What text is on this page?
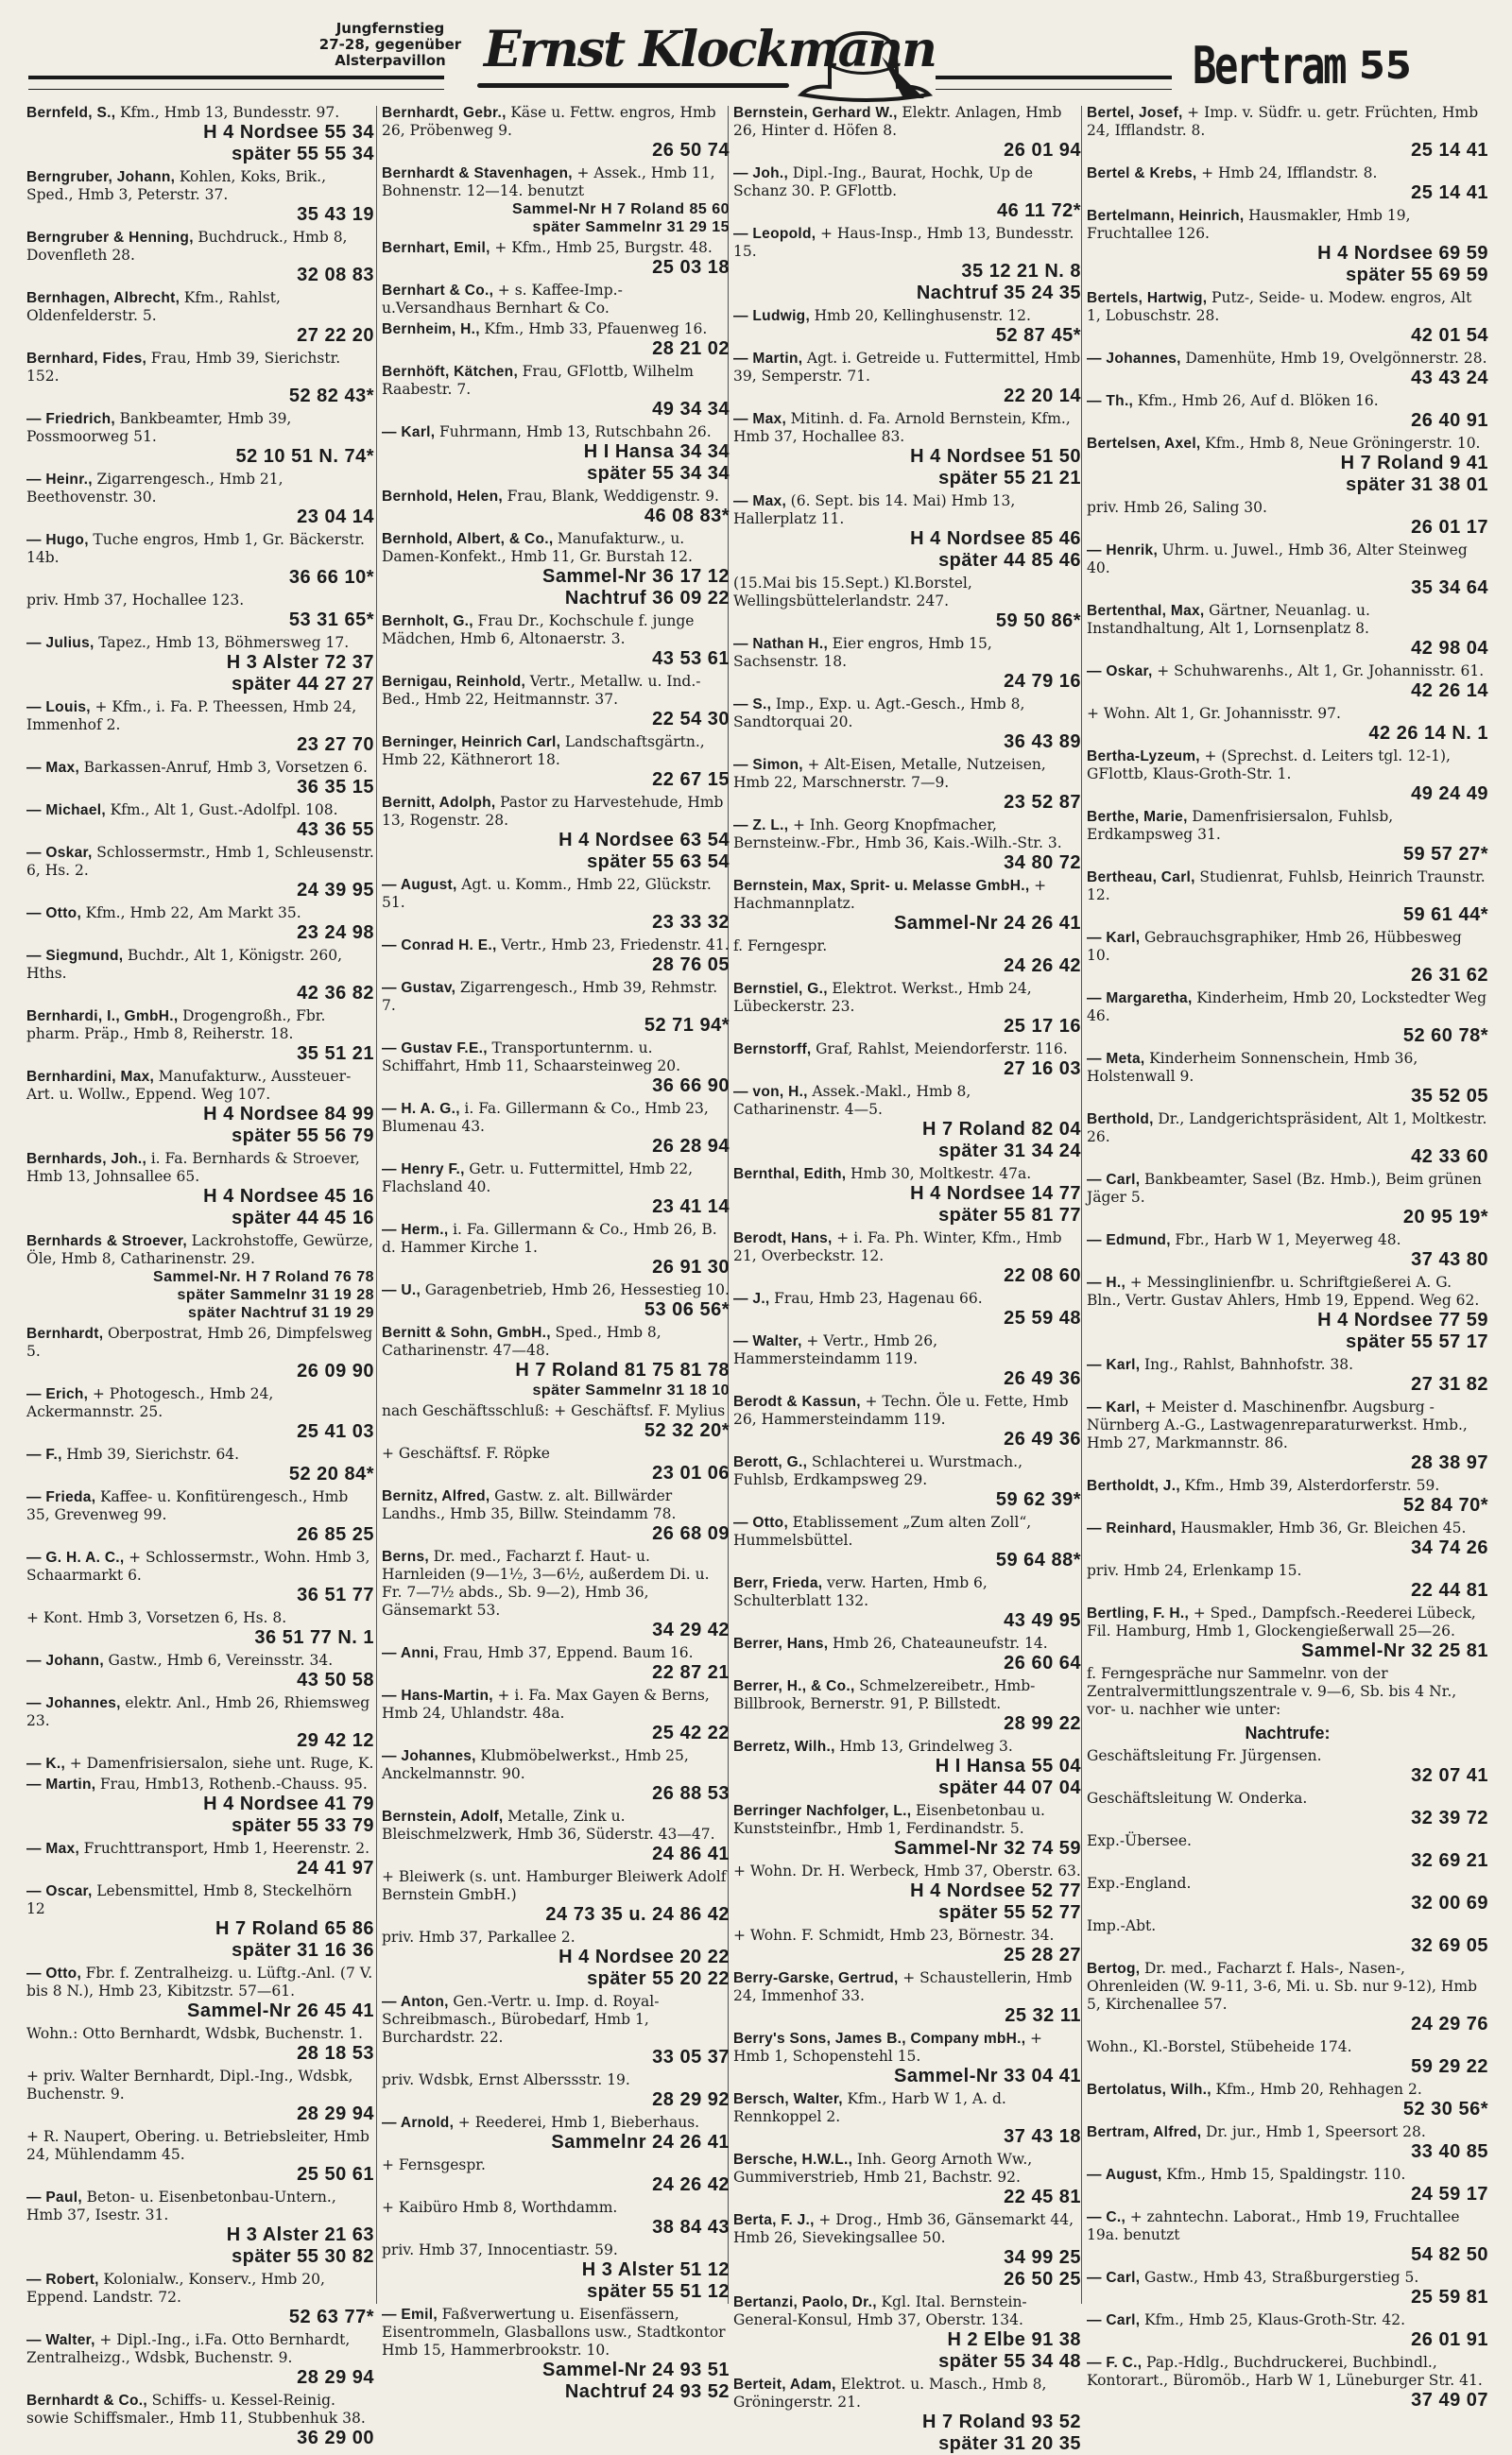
Jungfernstieg
27-28, gegenüber
Alsterpavillon Ernst Klockmann	Bertram 55
Bernfeld, S., Kfm., Hmb 13, Bundesstr. 97.
H 4 Nordsee 55 34
später 55 55 34
Berngruber, Johann, Kohlen, Koks, Brik., Sped., Hmb 3, Peterstr. 37.
35 43 19
Berngruber & Henning, Buchdruck., Hmb 8, Dovenfleth 28.
32 08 83
Bernhagen, Albrecht, Kfm., Rahlst, Oldenfelderstr. 5.
27 22 20
Bernhard, Fides, Frau, Hmb 39, Sierichstr. 152.
52 82 43*
— Friedrich, Bankbeamter, Hmb 39, Possmoorweg 51.
52 10 51 N. 74*
— Heinr., Zigarrengesch., Hmb 21, Beethovenstr. 30.
23 04 14
— Hugo, Tuche engros, Hmb 1, Gr. Bäckerstr. 14b.
36 66 10*
priv. Hmb 37, Hochallee 123.
53 31 65*
— Julius, Tapez., Hmb 13, Böhmersweg 17.
H 3 Alster 72 37
später 44 27 27
— Louis, + Kfm., i. Fa. P. Theessen, Hmb 24, Immenhof 2.
23 27 70
— Max, Barkassen-Anruf, Hmb 3, Vorsetzen 6.
36 35 15
— Michael, Kfm., Alt 1, Gust.-Adolfpl. 108.
43 36 55
— Oskar, Schlossermstr., Hmb 1, Schleusenstr. 6, Hs. 2.
24 39 95
— Otto, Kfm., Hmb 22, Am Markt 35.
23 24 98
— Siegmund, Buchdr., Alt 1, Königstr. 260, Hths.
42 36 82
Bernhardi, I., GmbH., Drogengroßh., Fbr. pharm. Präp., Hmb 8, Reiherstr. 18.
35 51 21
Bernhardini, Max, Manufakturw., Aussteuer-Art. u. Wollw., Eppend. Weg 107.
H 4 Nordsee 84 99
später 55 56 79
Bernhards, Joh., i. Fa. Bernhards & Stroever, Hmb 13, Johnsallee 65.
H 4 Nordsee 45 16
später 44 45 16
Bernhards & Stroever, Lackrohstoffe, Gewürze, Öle, Hmb 8, Catharinenstr. 29.
Sammel-Nr. H 7 Roland 76 78
später Sammelnr 31 19 28
später Nachtruf 31 19 29
Bernhardt, Oberpostrat, Hmb 26, Dimpfelsweg 5.
26 09 90
— Erich, + Photogesch., Hmb 24, Ackermannstr. 25.
25 41 03
— F., Hmb 39, Sierichstr. 64.
52 20 84*
— Frieda, Kaffee- u. Konfitürengesch., Hmb 35, Grevenweg 99.
26 85 25
— G. H. A. C., + Schlossermstr., Wohn. Hmb 3, Schaarmarkt 6.
36 51 77
+ Kont. Hmb 3, Vorsetzen 6, Hs. 8.
36 51 77 N. 1
— Johann, Gastw., Hmb 6, Vereinsstr. 34.
43 50 58
— Johannes, elektr. Anl., Hmb 26, Rhiemsweg 23.
29 42 12
— K., + Damenfrisiersalon, siehe unt. Ruge, K.
— Martin, Frau, Hmb13, Rothenb.-Chauss. 95.
H 4 Nordsee 41 79
später 55 33 79
— Max, Fruchttransport, Hmb 1, Heerenstr. 2.
24 41 97
— Oscar, Lebensmittel, Hmb 8, Steckelhörn 12
H 7 Roland 65 86
später 31 16 36
— Otto, Fbr. f. Zentralheizg. u. Lüftg.-Anl. (7 V. bis 8 N.), Hmb 23, Kibitzstr. 57—61.
Sammel-Nr 26 45 41
Wohn.: Otto Bernhardt, Wdsbk, Buchenstr. 1.
28 18 53
+ priv. Walter Bernhardt, Dipl.-Ing., Wdsbk, Buchenstr. 9.
28 29 94
+ R. Naupert, Obering. u. Betriebsleiter, Hmb 24, Mühlendamm 45.
25 50 61
— Paul, Beton- u. Eisenbetonbau-Untern., Hmb 37, Isestr. 31.
H 3 Alster 21 63
später 55 30 82
— Robert, Kolonialw., Konserv., Hmb 20, Eppend. Landstr. 72.
52 63 77*
— Walter, + Dipl.-Ing., i.Fa. Otto Bernhardt, Zentralheizg., Wdsbk, Buchenstr. 9.
28 29 94
Bernhardt & Co., Schiffs- u. Kessel-Reinig. sowie Schiffsmaler., Hmb 11, Stubbenhuk 38.
36 29 00
Bernhardt, Gebr., Käse u. Fettw. engros, Hmb 26, Pröbenweg 9.
26 50 74
Bernhardt & Stavenhagen, + Assek., Hmb 11, Bohnenstr. 12—14. benutzt
Sammel-Nr H 7 Roland 85 60
später Sammelnr 31 29 15
Bernhart, Emil, + Kfm., Hmb 25, Burgstr. 48.
25 03 18
Bernhart & Co., + s. Kaffee-Imp.-u.Versandhaus Bernhart & Co.
Bernheim, H., Kfm., Hmb 33, Pfauenweg 16.
28 21 02
Bernhöft, Kätchen, Frau, GFlottb, Wilhelm Raabestr. 7.
49 34 34
— Karl, Fuhrmann, Hmb 13, Rutschbahn 26.
H I Hansa 34 34
später 55 34 34
Bernhold, Helen, Frau, Blank, Weddigenstr. 9.
46 08 83*
Bernhold, Albert, & Co., Manufakturw., u. Damen-Konfekt., Hmb 11, Gr. Burstah 12.
Sammel-Nr 36 17 12
Nachtruf 36 09 22
Bernholt, G., Frau Dr., Kochschule f. junge Mädchen, Hmb 6, Altonaerstr. 3.
43 53 61
Bernigau, Reinhold, Vertr., Metallw. u. Ind.-Bed., Hmb 22, Heitmannstr. 37.
22 54 30
Berninger, Heinrich Carl, Landschaftsgärtn., Hmb 22, Käthnerort 18.
22 67 15
Bernitt, Adolph, Pastor zu Harvestehude, Hmb 13, Rogenstr. 28.
H 4 Nordsee 63 54
später 55 63 54
— August, Agt. u. Komm., Hmb 22, Glückstr. 51.
23 33 32
— Conrad H. E., Vertr., Hmb 23, Friedenstr. 41.
28 76 05
— Gustav, Zigarrengesch., Hmb 39, Rehmstr. 7.
52 71 94*
— Gustav F.E., Transportunternm. u. Schiffahrt, Hmb 11, Schaarsteinweg 20.
36 66 90
— H. A. G., i. Fa. Gillermann & Co., Hmb 23, Blumenau 43.
26 28 94
— Henry F., Getr. u. Futtermittel, Hmb 22, Flachsland 40.
23 41 14
— Herm., i. Fa. Gillermann & Co., Hmb 26, B. d. Hammer Kirche 1.
26 91 30
— U., Garagenbetrieb, Hmb 26, Hessestieg 10.
53 06 56*
Bernitt & Sohn, GmbH., Sped., Hmb 8, Catharinenstr. 47—48.
H 7 Roland 81 75 81 78
später Sammelnr 31 18 10
nach Geschäftsschluß: + Geschäftsf. F. Mylius
52 32 20*
+ Geschäftsf. F. Röpke
23 01 06
Bernitz, Alfred, Gastw. z. alt. Billwärder Landhs., Hmb 35, Billw. Steindamm 78.
26 68 09
Berns, Dr. med., Facharzt f. Haut- u. Harnleiden (9—1½, 3—6½, außerdem Di. u. Fr. 7—7½ abds., Sb. 9—2), Hmb 36, Gänsemarkt 53.
34 29 42
— Anni, Frau, Hmb 37, Eppend. Baum 16.
22 87 21
— Hans-Martin, + i. Fa. Max Gayen & Berns, Hmb 24, Uhlandstr. 48a.
25 42 22
— Johannes, Klubmöbelwerkst., Hmb 25, Anckelmannstr. 90.
26 88 53
Bernstein, Adolf, Metalle, Zink u. Bleischmelzwerk, Hmb 36, Süderstr. 43—47.
24 86 41
+ Bleiwerk (s. unt. Hamburger Bleiwerk Adolf Bernstein GmbH.)
24 73 35 u. 24 86 42
priv. Hmb 37, Parkallee 2.
H 4 Nordsee 20 22
später 55 20 22
— Anton, Gen.-Vertr. u. Imp. d. Royal-Schreibmasch., Bürobedarf, Hmb 1, Burchardstr. 22.
33 05 37
priv. Wdsbk, Ernst Alberssstr. 19.
28 29 92
— Arnold, + Reederei, Hmb 1, Bieberhaus.
Sammelnr 24 26 41
+ Fernsgespr.
24 26 42
+ Kaibüro Hmb 8, Worthdamm.
38 84 43
priv. Hmb 37, Innocentiastr. 59.
H 3 Alster 51 12
später 55 51 12
— Emil, Faßverwertung u. Eisenfässern, Eisentrommeln, Glasballons usw., Stadtkontor Hmb 15, Hammerbrookstr. 10.
Sammel-Nr 24 93 51
Nachtruf 24 93 52
Bernstein, Gerhard W., Elektr. Anlagen, Hmb 26, Hinter d. Höfen 8.
26 01 94
— Joh., Dipl.-Ing., Baurat, Hochk, Up de Schanz 30. P. GFlottb.
46 11 72*
— Leopold, + Haus-Insp., Hmb 13, Bundesstr. 15.
35 12 21 N. 8
Nachtruf 35 24 35
— Ludwig, Hmb 20, Kellinghusenstr. 12.
52 87 45*
— Martin, Agt. i. Getreide u. Futtermittel, Hmb 39, Semperstr. 71.
22 20 14
— Max, Mitinh. d. Fa. Arnold Bernstein, Kfm., Hmb 37, Hochallee 83.
H 4 Nordsee 51 50
später 55 21 21
— Max, (6. Sept. bis 14. Mai) Hmb 13, Hallerplatz 11.
H 4 Nordsee 85 46
später 44 85 46
(15.Mai bis 15.Sept.) Kl.Borstel, Wellingsbüttelerlandstr. 247.
59 50 86*
— Nathan H., Eier engros, Hmb 15, Sachsenstr. 18.
24 79 16
— S., Imp., Exp. u. Agt.-Gesch., Hmb 8, Sandtorquai 20.
36 43 89
— Simon, + Alt-Eisen, Metalle, Nutzeisen, Hmb 22, Marschnerstr. 7—9.
23 52 87
— Z. L., + Inh. Georg Knopfmacher, Bernsteinw.-Fbr., Hmb 36, Kais.-Wilh.-Str. 3.
34 80 72
Bernstein, Max, Sprit- u. Melasse GmbH., + Hachmannplatz.
Sammel-Nr 24 26 41
f. Ferngespr.
24 26 42
Bernstiel, G., Elektrot. Werkst., Hmb 24, Lübeckerstr. 23.
25 17 16
Bernstorff, Graf, Rahlst, Meiendorferstr. 116.
27 16 03
— von, H., Assek.-Makl., Hmb 8, Catharinenstr. 4—5.
H 7 Roland 82 04
später 31 34 24
Bernthal, Edith, Hmb 30, Moltkestr. 47a.
H 4 Nordsee 14 77
später 55 81 77
Berodt, Hans, + i. Fa. Ph. Winter, Kfm., Hmb 21, Overbeckstr. 12.
22 08 60
— J., Frau, Hmb 23, Hagenau 66.
25 59 48
— Walter, + Vertr., Hmb 26, Hammersteindamm 119.
26 49 36
Berodt & Kassun, + Techn. Öle u. Fette, Hmb 26, Hammersteindamm 119.
26 49 36
Berott, G., Schlachterei u. Wurstmach., Fuhlsb, Erdkampsweg 29.
59 62 39*
— Otto, Etablissement „Zum alten Zoll“, Hummelsbüttel.
59 64 88*
Berr, Frieda, verw. Harten, Hmb 6, Schulterblatt 132.
43 49 95
Berrer, Hans, Hmb 26, Chateauneufstr. 14.
26 60 64
Berrer, H., & Co., Schmelzereibetr., Hmb-Billbrook, Bernerstr. 91, P. Billstedt.
28 99 22
Berretz, Wilh., Hmb 13, Grindelweg 3.
H I Hansa 55 04
später 44 07 04
Berringer Nachfolger, L., Eisenbetonbau u. Kunststeinfbr., Hmb 1, Ferdinandstr. 5.
Sammel-Nr 32 74 59
+ Wohn. Dr. H. Werbeck, Hmb 37, Oberstr. 63.
H 4 Nordsee 52 77
später 55 52 77
+ Wohn. F. Schmidt, Hmb 23, Börnestr. 34.
25 28 27
Berry-Garske, Gertrud, + Schaustellerin, Hmb 24, Immenhof 33.
25 32 11
Berry's Sons, James B., Company mbH., + Hmb 1, Schopenstehl 15.
Sammel-Nr 33 04 41
Bersch, Walter, Kfm., Harb W 1, A. d. Rennkoppel 2.
37 43 18
Bersche, H.W.L., Inh. Georg Arnoth Ww., Gummiverstrieb, Hmb 21, Bachstr. 92.
22 45 81
Berta, F. J., + Drog., Hmb 36, Gänsemarkt 44, Hmb 26, Sievekingsallee 50.
34 99 25
26 50 25
Bertanzi, Paolo, Dr., Kgl. Ital. Bernstein-General-Konsul, Hmb 37, Oberstr. 134.
H 2 Elbe 91 38
später 55 34 48
Berteit, Adam, Elektrot. u. Masch., Hmb 8, Gröningerstr. 21.
H 7 Roland 93 52
später 31 20 35
Bertel, Josef, + Imp. v. Südfr. u. getr. Früchten, Hmb 24, Ifflandstr. 8.
25 14 41
Bertel & Krebs, + Hmb 24, Ifflandstr. 8.
25 14 41
Bertelmann, Heinrich, Hausmakler, Hmb 19, Fruchtallee 126.
H 4 Nordsee 69 59
später 55 69 59
Bertels, Hartwig, Putz-, Seide- u. Modew. engros, Alt 1, Lobuschstr. 28.
42 01 54
— Johannes, Damenhüte, Hmb 19, Ovelgönnerstr. 28.
43 43 24
— Th., Kfm., Hmb 26, Auf d. Blöken 16.
26 40 91
Bertelsen, Axel, Kfm., Hmb 8, Neue Gröningerstr. 10.
H 7 Roland 9 41
später 31 38 01
priv. Hmb 26, Saling 30.
26 01 17
— Henrik, Uhrm. u. Juwel., Hmb 36, Alter Steinweg 40.
35 34 64
Bertenthal, Max, Gärtner, Neuanlag. u. Instandhaltung, Alt 1, Lornsenplatz 8.
42 98 04
— Oskar, + Schuhwarenhs., Alt 1, Gr. Johannisstr. 61.
42 26 14
+ Wohn. Alt 1, Gr. Johannisstr. 97.
42 26 14 N. 1
Bertha-Lyzeum, + (Sprechst. d. Leiters tgl. 12-1), GFlottb, Klaus-Groth-Str. 1.
49 24 49
Berthe, Marie, Damenfrisiersalon, Fuhlsb, Erdkampsweg 31.
59 57 27*
Bertheau, Carl, Studienrat, Fuhlsb, Heinrich Traunstr. 12.
59 61 44*
— Karl, Gebrauchsgraphiker, Hmb 26, Hübbesweg 10.
26 31 62
— Margaretha, Kinderheim, Hmb 20, Lockstedter Weg 46.
52 60 78*
— Meta, Kinderheim Sonnenschein, Hmb 36, Holstenwall 9.
35 52 05
Berthold, Dr., Landgerichtspräsident, Alt 1, Moltkestr. 26.
42 33 60
— Carl, Bankbeamter, Sasel (Bz. Hmb.), Beim grünen Jäger 5.
20 95 19*
— Edmund, Fbr., Harb W 1, Meyerweg 48.
37 43 80
— H., + Messinglinienfbr. u. Schriftgießerei A. G. Bln., Vertr. Gustav Ahlers, Hmb 19, Eppend. Weg 62.
H 4 Nordsee 77 59
später 55 57 17
— Karl, Ing., Rahlst, Bahnhofstr. 38.
27 31 82
— Karl, + Meister d. Maschinenfbr. Augsburg - Nürnberg A.-G., Lastwagenreparaturwerkst. Hmb., Hmb 27, Markmannstr. 86.
28 38 97
Bertholdt, J., Kfm., Hmb 39, Alsterdorferstr. 59.
52 84 70*
— Reinhard, Hausmakler, Hmb 36, Gr. Bleichen 45.
34 74 26
priv. Hmb 24, Erlenkamp 15.
22 44 81
Bertling, F. H., + Sped., Dampfsch.-Reederei Lübeck, Fil. Hamburg, Hmb 1, Glockengießerwall 25—26.
Sammel-Nr 32 25 81
f. Ferngespräche nur Sammelnr. von der Zentralvermittlungszentrale v. 9—6, Sb. bis 4 Nr., vor- u. nachher wie unter:
Nachtrufe:
Geschäftsleitung Fr. Jürgensen.
32 07 41
Geschäftsleitung W. Onderka.
32 39 72
Exp.-Übersee.
32 69 21
Exp.-England.
32 00 69
Imp.-Abt.
32 69 05
Bertog, Dr. med., Facharzt f. Hals-, Nasen-, Ohrenleiden (W. 9-11, 3-6, Mi. u. Sb. nur 9-12), Hmb 5, Kirchenallee 57.
24 29 76
Wohn., Kl.-Borstel, Stübeheide 174.
59 29 22
Bertolatus, Wilh., Kfm., Hmb 20, Rehhagen 2.
52 30 56*
Bertram, Alfred, Dr. jur., Hmb 1, Speersort 28.
33 40 85
— August, Kfm., Hmb 15, Spaldingstr. 110.
24 59 17
— C., + zahntechn. Laborat., Hmb 19, Fruchtallee 19a. benutzt
54 82 50
— Carl, Gastw., Hmb 43, Straßburgerstieg 5.
25 59 81
— Carl, Kfm., Hmb 25, Klaus-Groth-Str. 42.
26 01 91
— F. C., Pap.-Hdlg., Buchdruckerei, Buchbindl., Kontorart., Büromöb., Harb W 1, Lüneburger Str. 41.
37 49 07
